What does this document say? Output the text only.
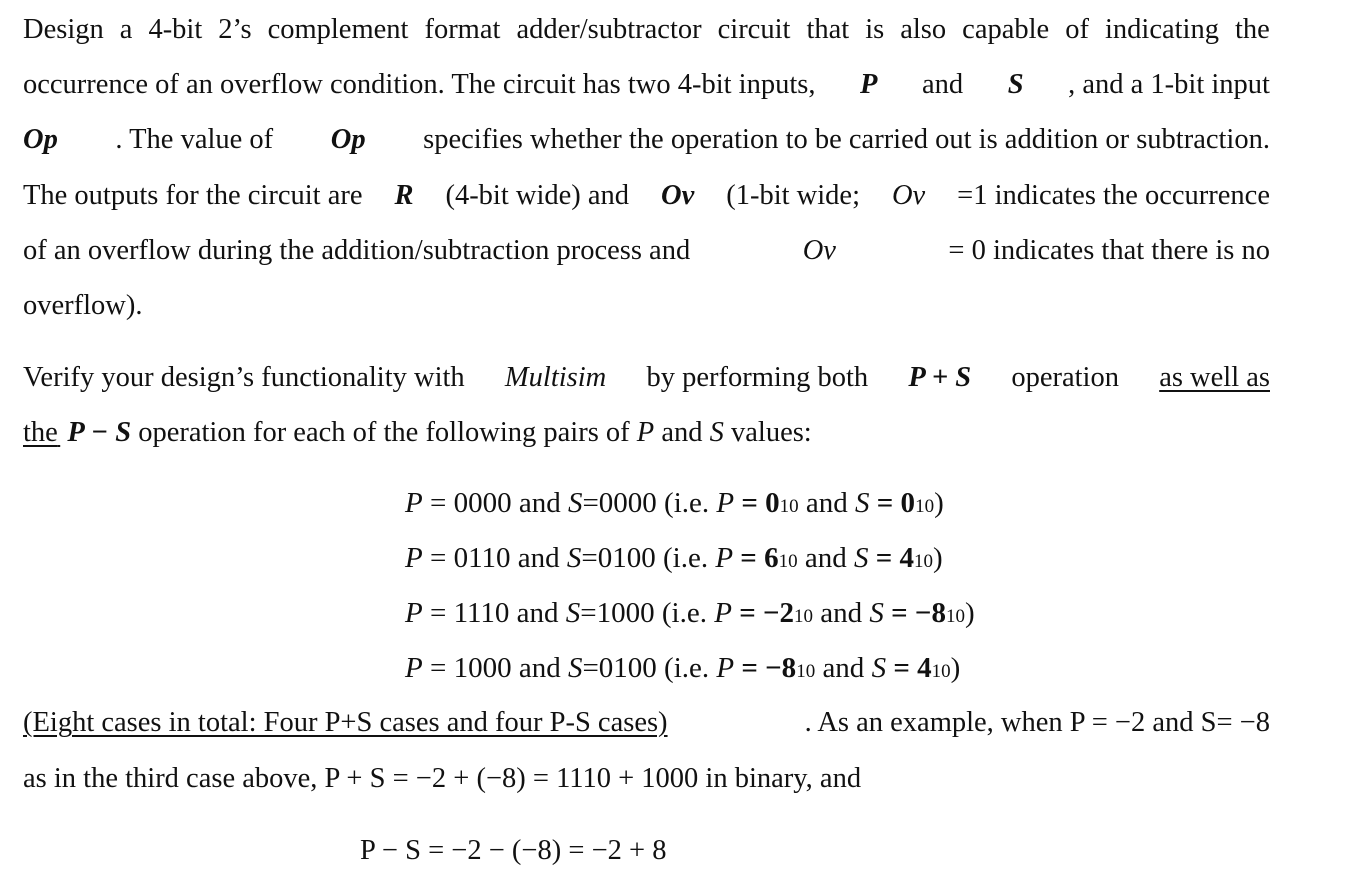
Design a 4-bit 2’s complement format adder/subtractor circuit that is also capable of indicating the
occurrence of an overflow condition. The circuit has two 4-bit inputs, P and S , and a 1-bit input
Op . The value of Op specifies whether the operation to be carried out is addition or subtraction.
The outputs for the circuit are R (4-bit wide) and Ov (1-bit wide; Ov =1 indicates the occurrence
of an overflow during the addition/subtraction process and	Ov	= 0 indicates that there is no
overflow).
Verify your design’s functionality with Multisim by performing both P + S operation as well as
the  P − S operation for each of the following pairs of P and S values:
P = 0000 and S=0000 (i.e. P = 010 and S = 010)
P = 0110 and S=0100 (i.e. P = 610 and S = 410)
P = 1110 and S=1000 (i.e. P = −210 and S = −810)
P = 1000 and S=0100 (i.e. P = −810 and S = 410)
(Eight cases in total: Four P+S cases and four P-S cases)	. As an example, when P = −2 and S= −8
as in the third case above, P + S = −2 + (−8) = 1110 + 1000 in binary, and
P − S = −2 − (−8) = −2 + 8
